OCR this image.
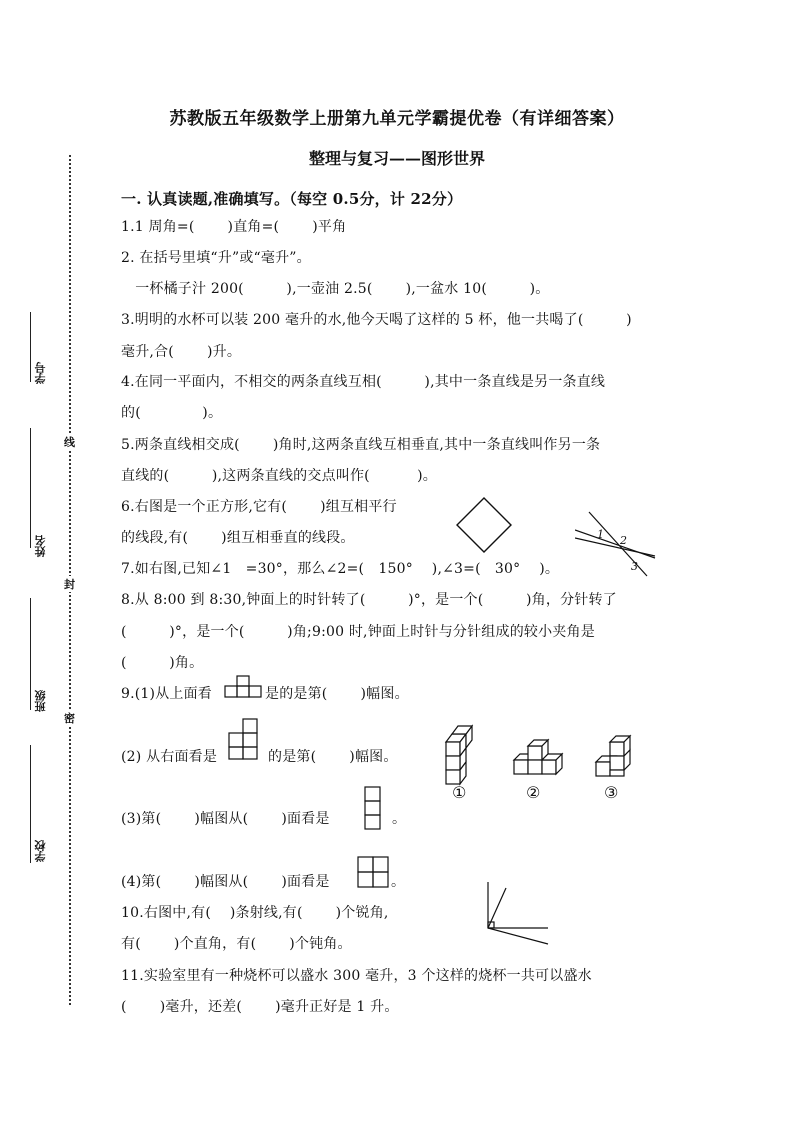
线
封
密
学号
姓名
班级
学校
苏教版五年级数学上册第九单元学霸提优卷（有详细答案）
整理与复习——图形世界
一. 认真读题,准确填写。（每空 0.5分，计 22分）
1.1 周角=(　　 )直角=(　　 )平角
2. 在括号里填“升”或“毫升”。
　一杯橘子汁 200(　　　),一壶油 2.5(　　 ),一盆水 10(　　　)。
3.明明的水杯可以装 200 毫升的水,他今天喝了这样的 5 杯，他一共喝了(　　　)
毫升,合(　　 )升。
4.在同一平面内，不相交的两条直线互相(　　　),其中一条直线是另一条直线
的(　　　　 )。
5.两条直线相交成(　　 )角时,这两条直线互相垂直,其中一条直线叫作另一条
直线的(　　　),这两条直线的交点叫作(　　　 )。
6.右图是一个正方形,它有(　　 )组互相平行
的线段,有(　　 )组互相垂直的线段。
7.如右图,已知∠1　=30°，那么∠2=(　150°　 ),∠3=(　30°　 )。
8.从 8:00 到 8:30,钟面上的时针转了(　　　)°，是一个(　　　)角，分针转了
(　　　)°，是一个(　　　)角;9:00 时,钟面上时针与分针组成的较小夹角是
(　　　)角。
9.(1)从上面看	是的是第(　　 )幅图。
(2) 从右面看是	的是第(　　 )幅图。
①	②	③
(3)第(　　 )幅图从(　　 )面看是	。
(4)第(　　 )幅图从(　　 )面看是	。
10.右图中,有(　 )条射线,有(　　 )个锐角,
有(　　 )个直角，有(　　 )个钝角。
11.实验室里有一种烧杯可以盛水 300 毫升，3 个这样的烧杯一共可以盛水
(　　 )毫升，还差(　　 )毫升正好是 1 升。
1 2
3
